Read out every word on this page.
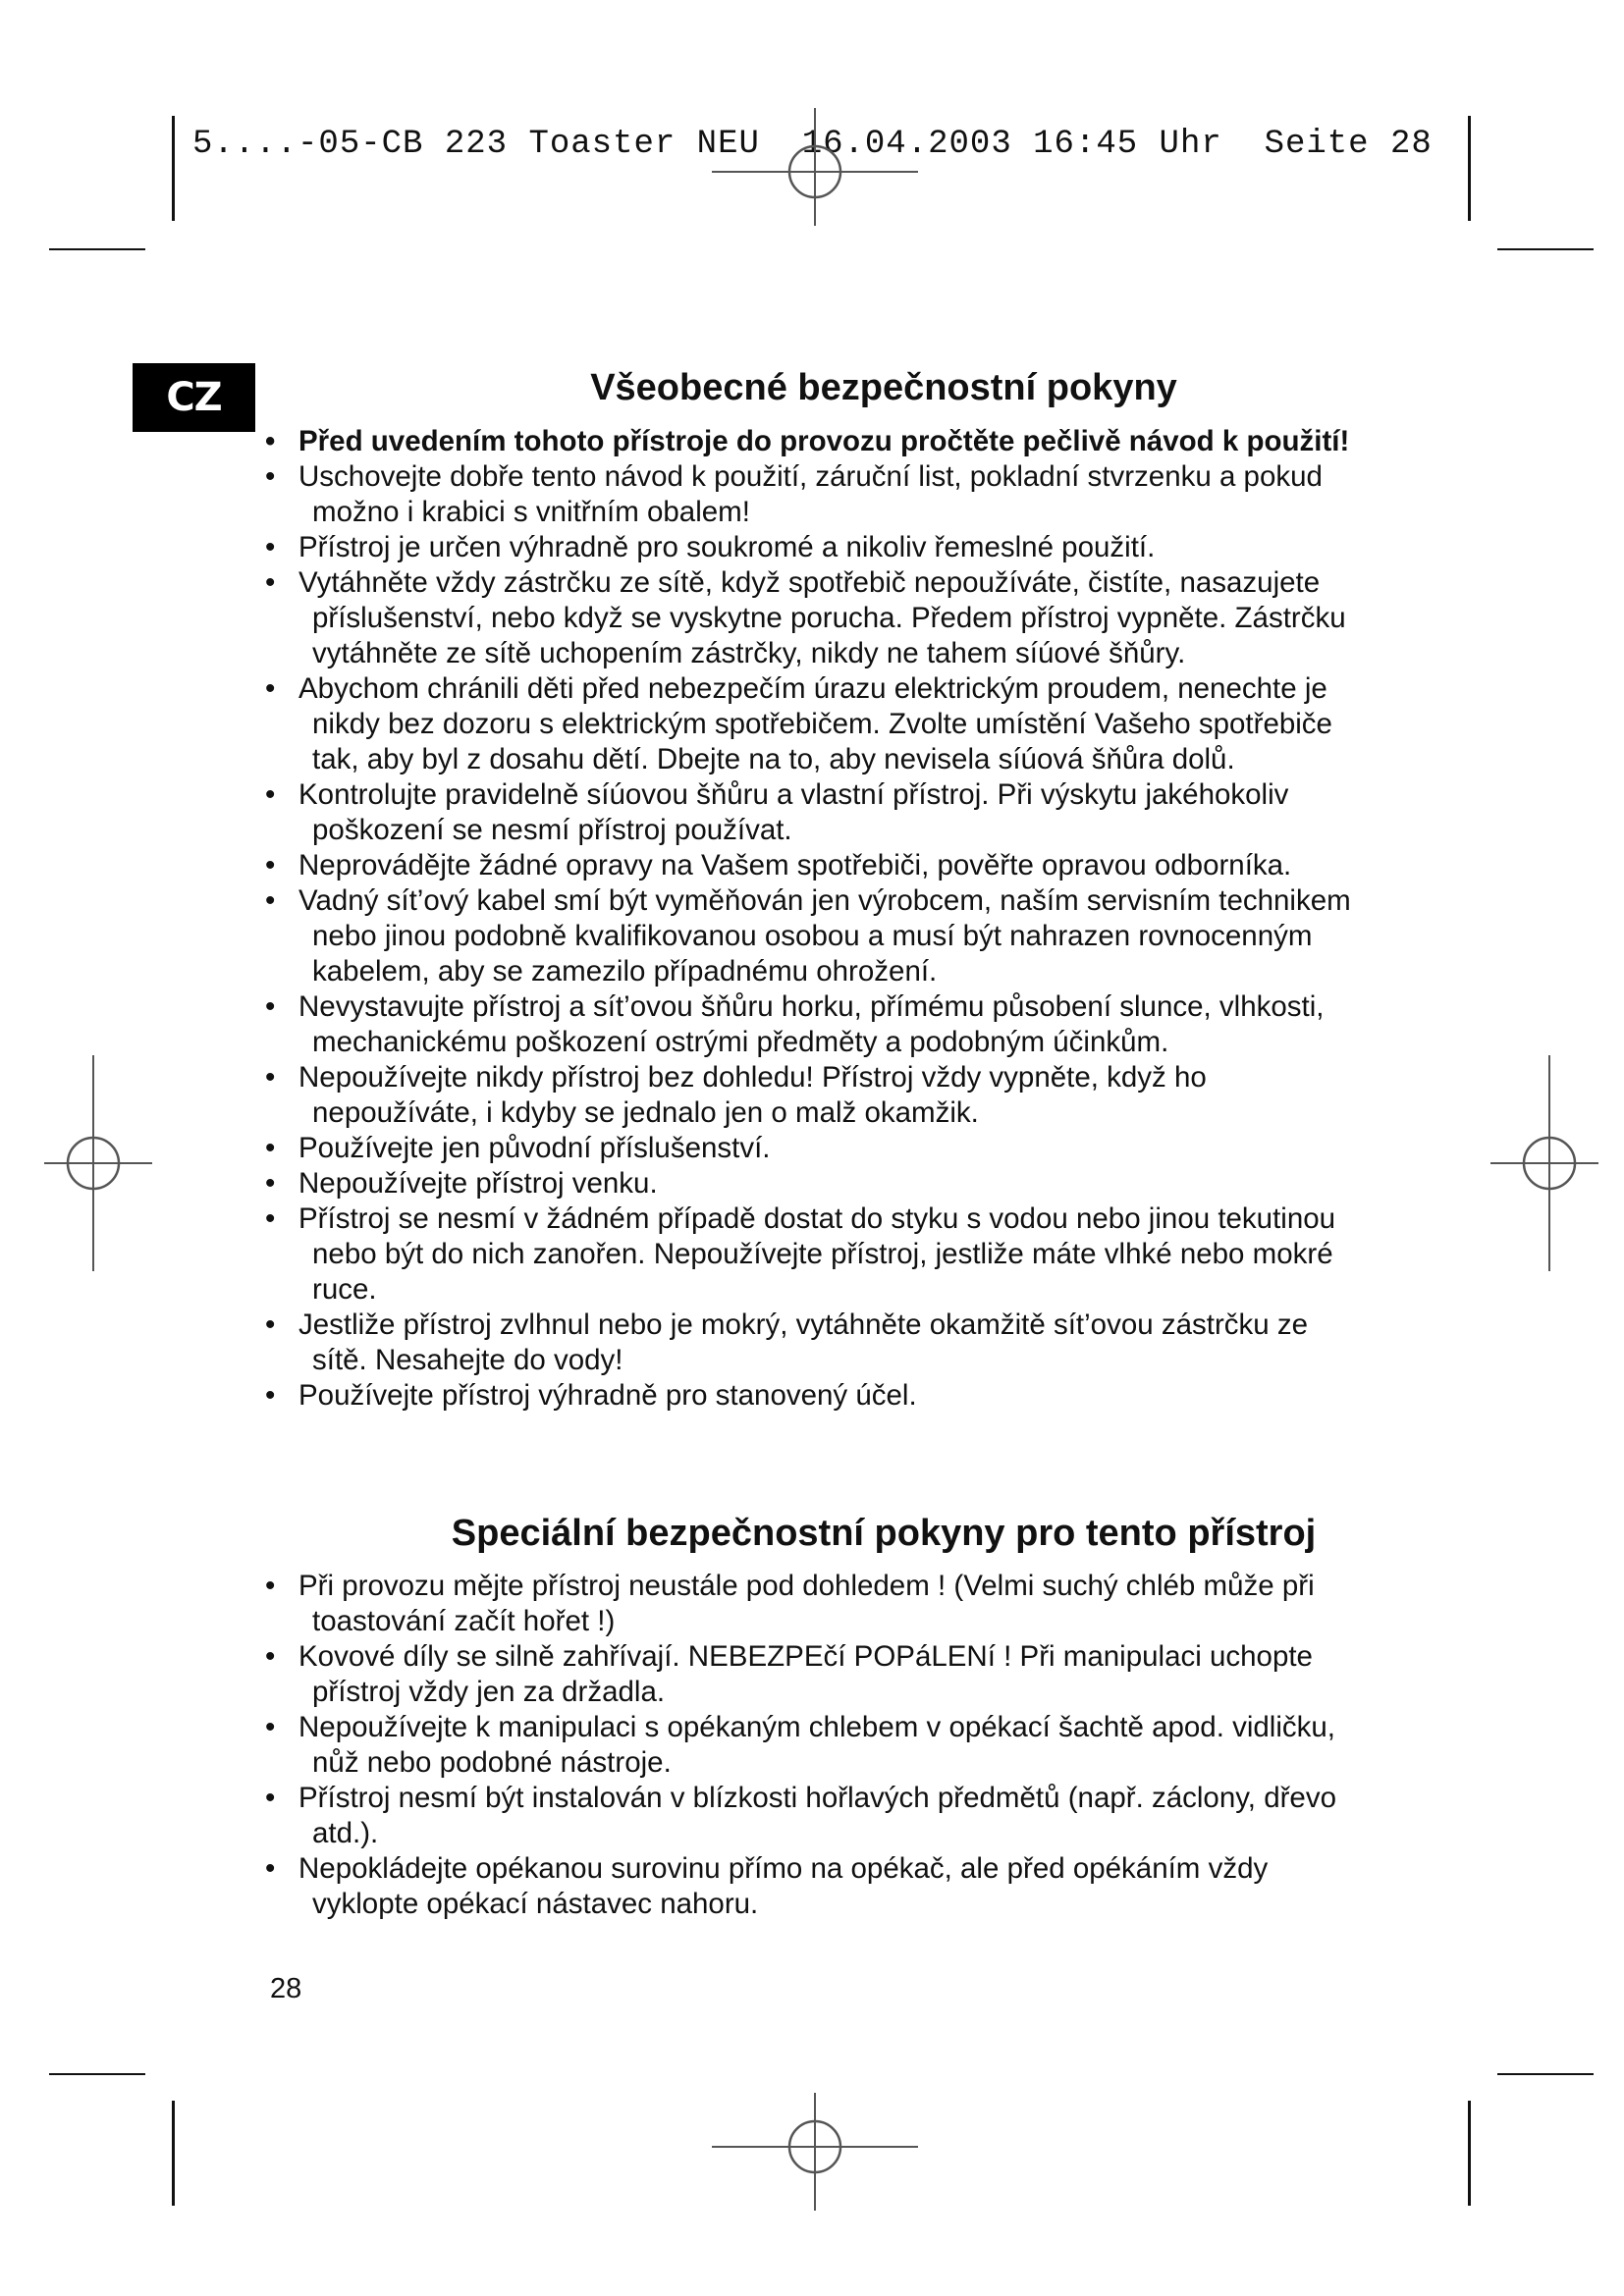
5....-05-CB 223 Toaster NEU  16.04.2003 16:45 Uhr  Seite 28
CZ	Všeobecné bezpečnostní pokyny
• Před uvedením tohoto přístroje do provozu pročtěte pečlivě návod k použití!
• Uschovejte dobře tento návod k použití, záruční list, pokladní stvrzenku a pokud možno i krabici s vnitřním obalem!
• Přístroj je určen výhradně pro soukromé a nikoliv řemeslné použití.
• Vytáhněte vždy zástrčku ze sítě, když spotřebič nepoužíváte, čistíte, nasazujete příslušenství, nebo když se vyskytne porucha. Předem přístroj vypněte. Zástrčku vytáhněte ze sítě uchopením zástrčky, nikdy ne tahem síúové šňůry.
• Abychom chránili děti před nebezpečím úrazu elektrickým proudem, nenechte je nikdy bez dozoru s elektrickým spotřebičem. Zvolte umístění Vašeho spotřebiče tak, aby byl z dosahu dětí. Dbejte na to, aby nevisela síúová šňůra dolů.
• Kontrolujte pravidelně síúovou šňůru a vlastní přístroj. Při výskytu jakéhokoliv poškození se nesmí přístroj používat.
• Neprovádějte žádné opravy na Vašem spotřebiči, pověřte opravou odborníka.
• Vadný sít’ový kabel smí být vyměňován jen výrobcem, naším servisním technikem nebo jinou podobně kvalifikovanou osobou a musí být nahrazen rovnocenným kabelem, aby se zamezilo případnému ohrožení.
• Nevystavujte přístroj a sít’ovou šňůru horku, přímému působení slunce, vlhkosti, mechanickému poškození ostrými předměty a podobným účinkům.
• Nepoužívejte nikdy přístroj bez dohledu! Přístroj vždy vypněte, když ho nepoužíváte, i kdyby se jednalo jen o malž okamžik.
• Používejte jen původní příslušenství.
• Nepoužívejte přístroj venku.
• Přístroj se nesmí v žádném případě dostat do styku s vodou nebo jinou tekutinou nebo být do nich zanořen. Nepoužívejte přístroj, jestliže máte vlhké nebo mokré ruce.
• Jestliže přístroj zvlhnul nebo je mokrý, vytáhněte okamžitě sít’ovou zástrčku ze sítě. Nesahejte do vody!
• Používejte přístroj výhradně pro stanovený účel.
Speciální bezpečnostní pokyny pro tento přístroj
• Při provozu mějte přístroj neustále pod dohledem ! (Velmi suchý chléb může při toastování začít hořet !)
• Kovové díly se silně zahřívají. NEBEZPEčí POPáLENí ! Při manipulaci uchopte přístroj vždy jen za držadla.
• Nepoužívejte k manipulaci s opékaným chlebem v opékací šachtě apod. vidličku, nůž nebo podobné nástroje.
• Přístroj nesmí být instalován v blízkosti hořlavých předmětů (např. záclony, dřevo atd.).
• Nepokládejte opékanou surovinu přímo na opékač, ale před opékáním vždy vyklopte opékací nástavec nahoru.
28
